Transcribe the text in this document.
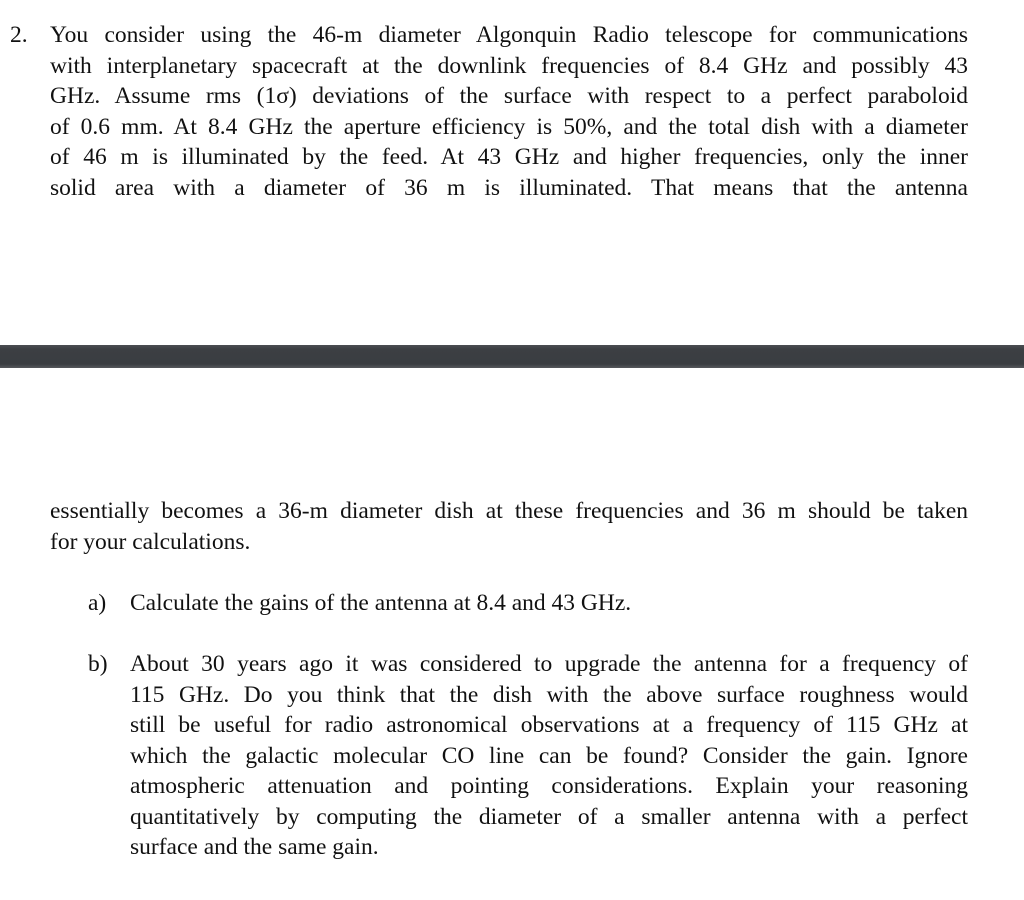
2. You consider using the 46-m diameter Algonquin Radio telescope for communications
with interplanetary spacecraft at the downlink frequencies of 8.4 GHz and possibly 43
GHz. Assume rms (1σ) deviations of the surface with respect to a perfect paraboloid
of 0.6 mm. At 8.4 GHz the aperture efficiency is 50%, and the total dish with a diameter
of 46 m is illuminated by the feed. At 43 GHz and higher frequencies, only the inner
solid area with a diameter of 36 m is illuminated. That means that the antenna
essentially becomes a 36-m diameter dish at these frequencies and 36 m should be taken
for your calculations.
a) Calculate the gains of the antenna at 8.4 and 43 GHz.
b) About 30 years ago it was considered to upgrade the antenna for a frequency of
115 GHz. Do you think that the dish with the above surface roughness would
still be useful for radio astronomical observations at a frequency of 115 GHz at
which the galactic molecular CO line can be found? Consider the gain. Ignore
atmospheric attenuation and pointing considerations. Explain your reasoning
quantitatively by computing the diameter of a smaller antenna with a perfect
surface and the same gain.
